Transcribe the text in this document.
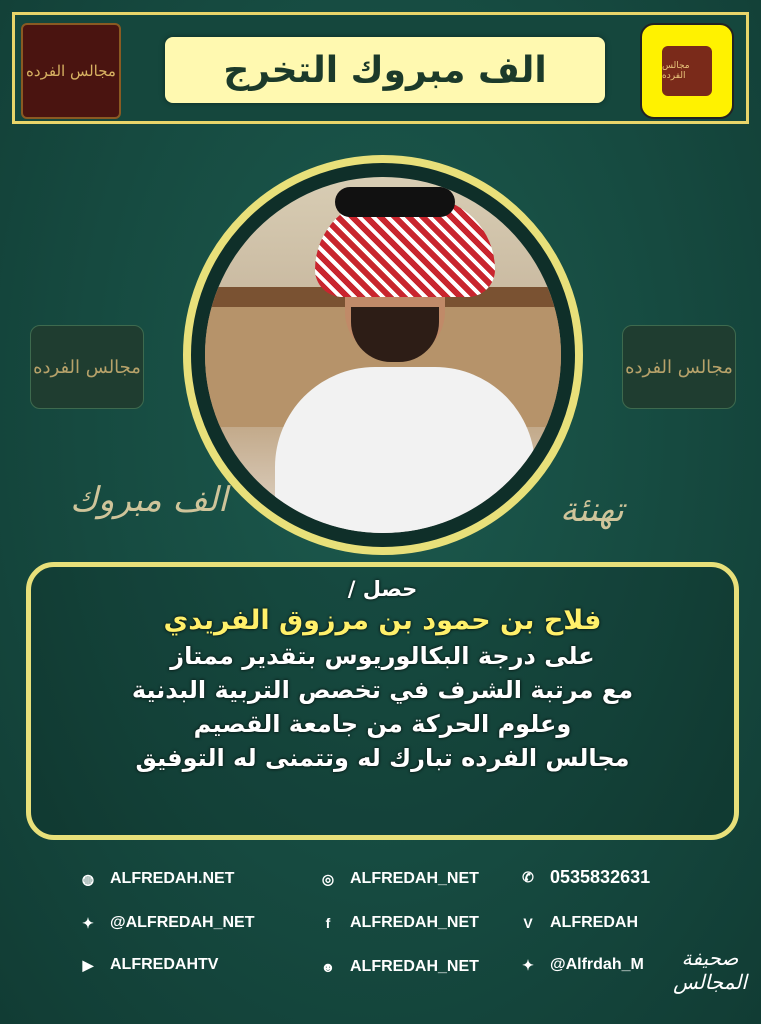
مجالس الفرده	الف مبروك التخرج	مجالس الفرده
مجالس الفرده	مجالس الفرده
الف مبروك	تهنئة

حصل /

فلاح بن حمود بن مرزوق الفريدي

على درجة البكالوريوس بتقدير ممتاز

مع مرتبة الشرف في تخصص التربية البدنية

وعلوم الحركة من جامعة القصيم

مجالس الفرده تبارك له وتتمنى له التوفيق

◍ ALFREDAH.NET	◎ ALFREDAH_NET	✆ 0535832631
✦	@ALFREDAH_NET	f	ALFREDAH_NET	V	ALFREDAH
▶	ALFREDAHTV	☻ ALFREDAH_NET	✦	@Alfrdah_M	صحيفة المجالس
